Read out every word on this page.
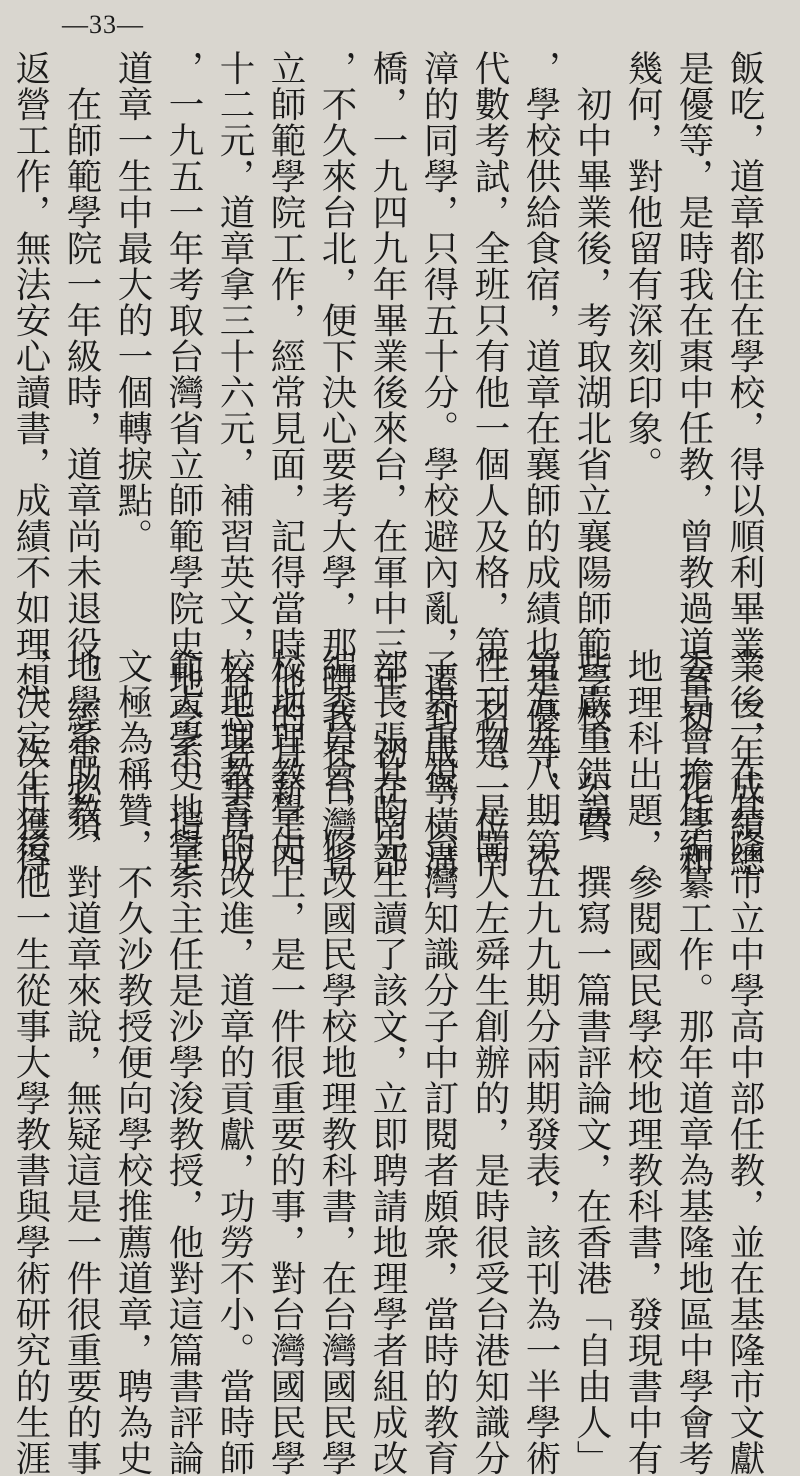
—33—
飯吃，道章都住在學校，得以順利畢業。三年成績總
是優等，是時我在棗中任教，曾教過道章初三化學和
幾何，對他留有深刻印象。
初中畢業後，考取湖北省立襄陽師範學校，公費
，學校供給食宿，道章在襄師的成績也是優等，一次
代數考試，全班只有他一個人及格，第二名是一位南
漳的同學，只得五十分。學校避內亂，遷到咸寧橫溝
橋，一九四九年畢業後來台，在軍中三年，初在南部
，不久來台北，便下決心要考大學，那時我在台灣省
立師範學院工作，經常見面，記得當時他的月薪是四
十二元，道章拿三十六元，補習英文，有志者事竟成
，一九五一年考取台灣省立師範學院史地學系，這是
道章一生中最大的一個轉捩點。
在師範學院一年級時，道章尚未退役，經常必須
返營工作，無法安心讀書，成績不如理想。次年獲得
業後，在基隆市立中學高中部任教，並在基隆市文獻
委員會擔任編纂工作。那年道章為基隆地區中學會考
地理科出題，參閱國民學校地理教科書，發現書中有
些嚴重錯誤，撰寫一篇書評論文，在香港「自由人」
第五九八期第五九九期分兩期發表，該刊為一半學術
性刊物，是聞人左舜生創辦的，是時很受台港知識分
子界重視，台灣知識分子中訂閱者頗衆，當時的教育
部長張其昀先生讀了該文，立即聘請地理學者組成改
編委員會，修改國民學校地理教科書，在台灣國民學
校地理教學史上，是一件很重要的事，對台灣國民學
校地理教育的改進，道章的貢獻，功勞不小。當時師
範大學史地學系主任是沙學浚教授，他對這篇書評論
文極為稱贊，不久沙教授便向學校推薦道章，聘為史
地學系助教，對道章來說，無疑這是一件很重要的事
，決定了日後他一生從事大學教書與學術研究的生涯
